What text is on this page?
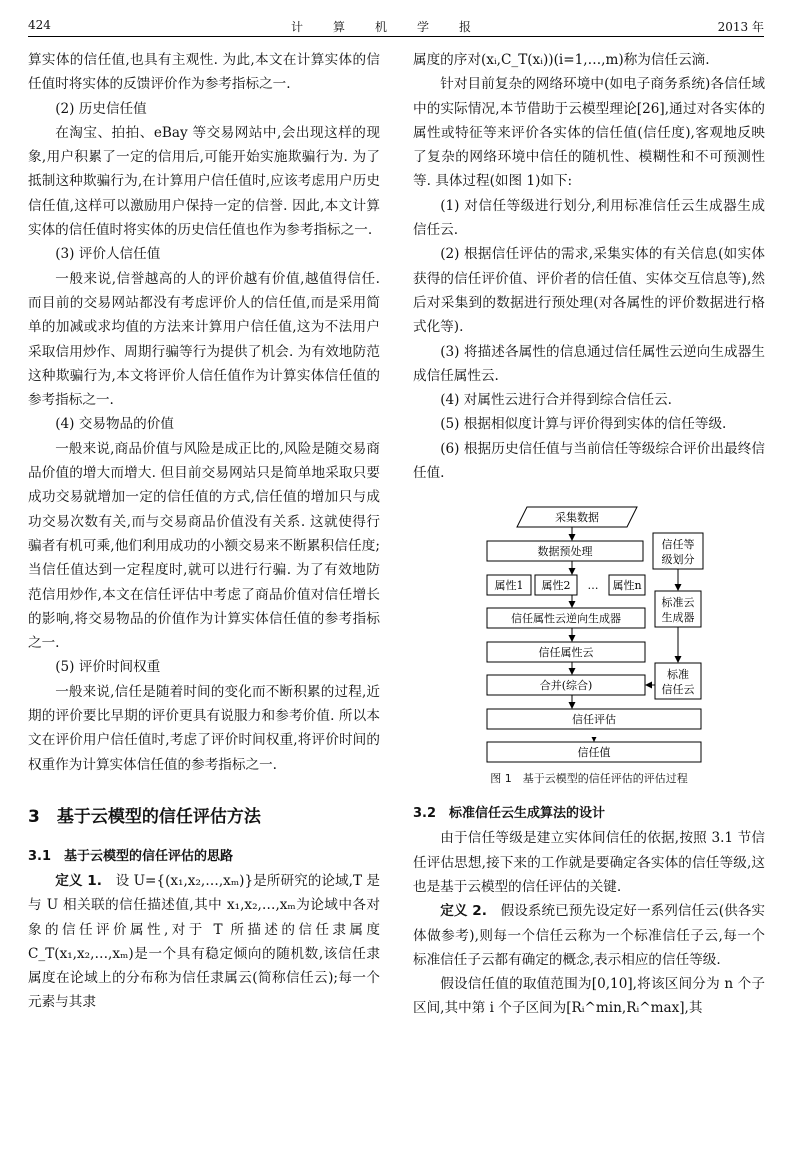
424	计算机学报	2013 年

算实体的信任值,也具有主观性. 为此,本文在计算实体的信任值时将实体的反馈评价作为参考指标之一.

(2) 历史信任值

在淘宝、拍拍、eBay 等交易网站中,会出现这样的现象,用户积累了一定的信用后,可能开始实施欺骗行为. 为了抵制这种欺骗行为,在计算用户信任值时,应该考虑用户历史信任值,这样可以激励用户保持一定的信誉. 因此,本文计算实体的信任值时将实体的历史信任值也作为参考指标之一.

(3) 评价人信任值

一般来说,信誉越高的人的评价越有价值,越值得信任. 而目前的交易网站都没有考虑评价人的信任值,而是采用简单的加减或求均值的方法来计算用户信任值,这为不法用户采取信用炒作、周期行骗等行为提供了机会. 为有效地防范这种欺骗行为,本文将评价人信任值作为计算实体信任值的参考指标之一.

(4) 交易物品的价值

一般来说,商品价值与风险是成正比的,风险是随交易商品价值的增大而增大. 但目前交易网站只是简单地采取只要成功交易就增加一定的信任值的方式,信任值的增加只与成功交易次数有关,而与交易商品价值没有关系. 这就使得行骗者有机可乘,他们利用成功的小额交易来不断累积信任度;当信任值达到一定程度时,就可以进行行骗. 为了有效地防范信用炒作,本文在信任评估中考虑了商品价值对信任增长的影响,将交易物品的价值作为计算实体信任值的参考指标之一.

(5) 评价时间权重

一般来说,信任是随着时间的变化而不断积累的过程,近期的评价要比早期的评价更具有说服力和参考价值. 所以本文在评价用户信任值时,考虑了评价时间权重,将评价时间的权重作为计算实体信任值的参考指标之一.

3　基于云模型的信任评估方法
3.1　基于云模型的信任评估的思路

定义 1.　 设 U={(x₁,x₂,…,xₘ)}是所研究的论域,T 是与 U 相关联的信任描述值,其中 x₁,x₂,…,xₘ为论域中各对象的信任评价属性,对于 T 所描述的信任隶属度 C_T(x₁,x₂,…,xₘ)是一个具有稳定倾向的随机数,该信任隶属度在论域上的分布称为信任隶属云(简称信任云);每一个元素与其隶

属度的序对(xᵢ,C_T(xᵢ))(i=1,…,m)称为信任云滴.

针对目前复杂的网络环境中(如电子商务系统)各信任域中的实际情况,本节借助于云模型理论[26],通过对各实体的属性或特征等来评价各实体的信任值(信任度),客观地反映了复杂的网络环境中信任的随机性、模糊性和不可预测性等. 具体过程(如图 1)如下:

(1) 对信任等级进行划分,利用标准信任云生成器生成信任云.

(2) 根据信任评估的需求,采集实体的有关信息(如实体获得的信任评价值、评价者的信任值、实体交互信息等),然后对采集到的数据进行预处理(对各属性的评价数据进行格式化等).

(3) 将描述各属性的信息通过信任属性云逆向生成器生成信任属性云.

(4) 对属性云进行合并得到综合信任云.

(5) 根据相似度计算与评价得到实体的信任等级.

(6) 根据历史信任值与当前信任等级综合评价出最终信任值.

采集数据
数据预处理
信任等
级划分
属性1 属性2 … 属性n
信任属性云逆向生成器
标准云
生成器
信任属性云
标准
信任云
合并(综合)
信任评估
信任值
图 1　基于云模型的信任评估的评估过程
3.2　标准信任云生成算法的设计

由于信任等级是建立实体间信任的依据,按照 3.1 节信任评估思想,接下来的工作就是要确定各实体的信任等级,这也是基于云模型的信任评估的关键.

定义 2.　 假设系统已预先设定好一系列信任云(供各实体做参考),则每一个信任云称为一个标准信任子云,每一个标准信任子云都有确定的概念,表示相应的信任等级.

假设信任值的取值范围为[0,10],将该区间分为 n 个子区间,其中第 i 个子区间为[Rᵢ^min,Rᵢ^max],其
